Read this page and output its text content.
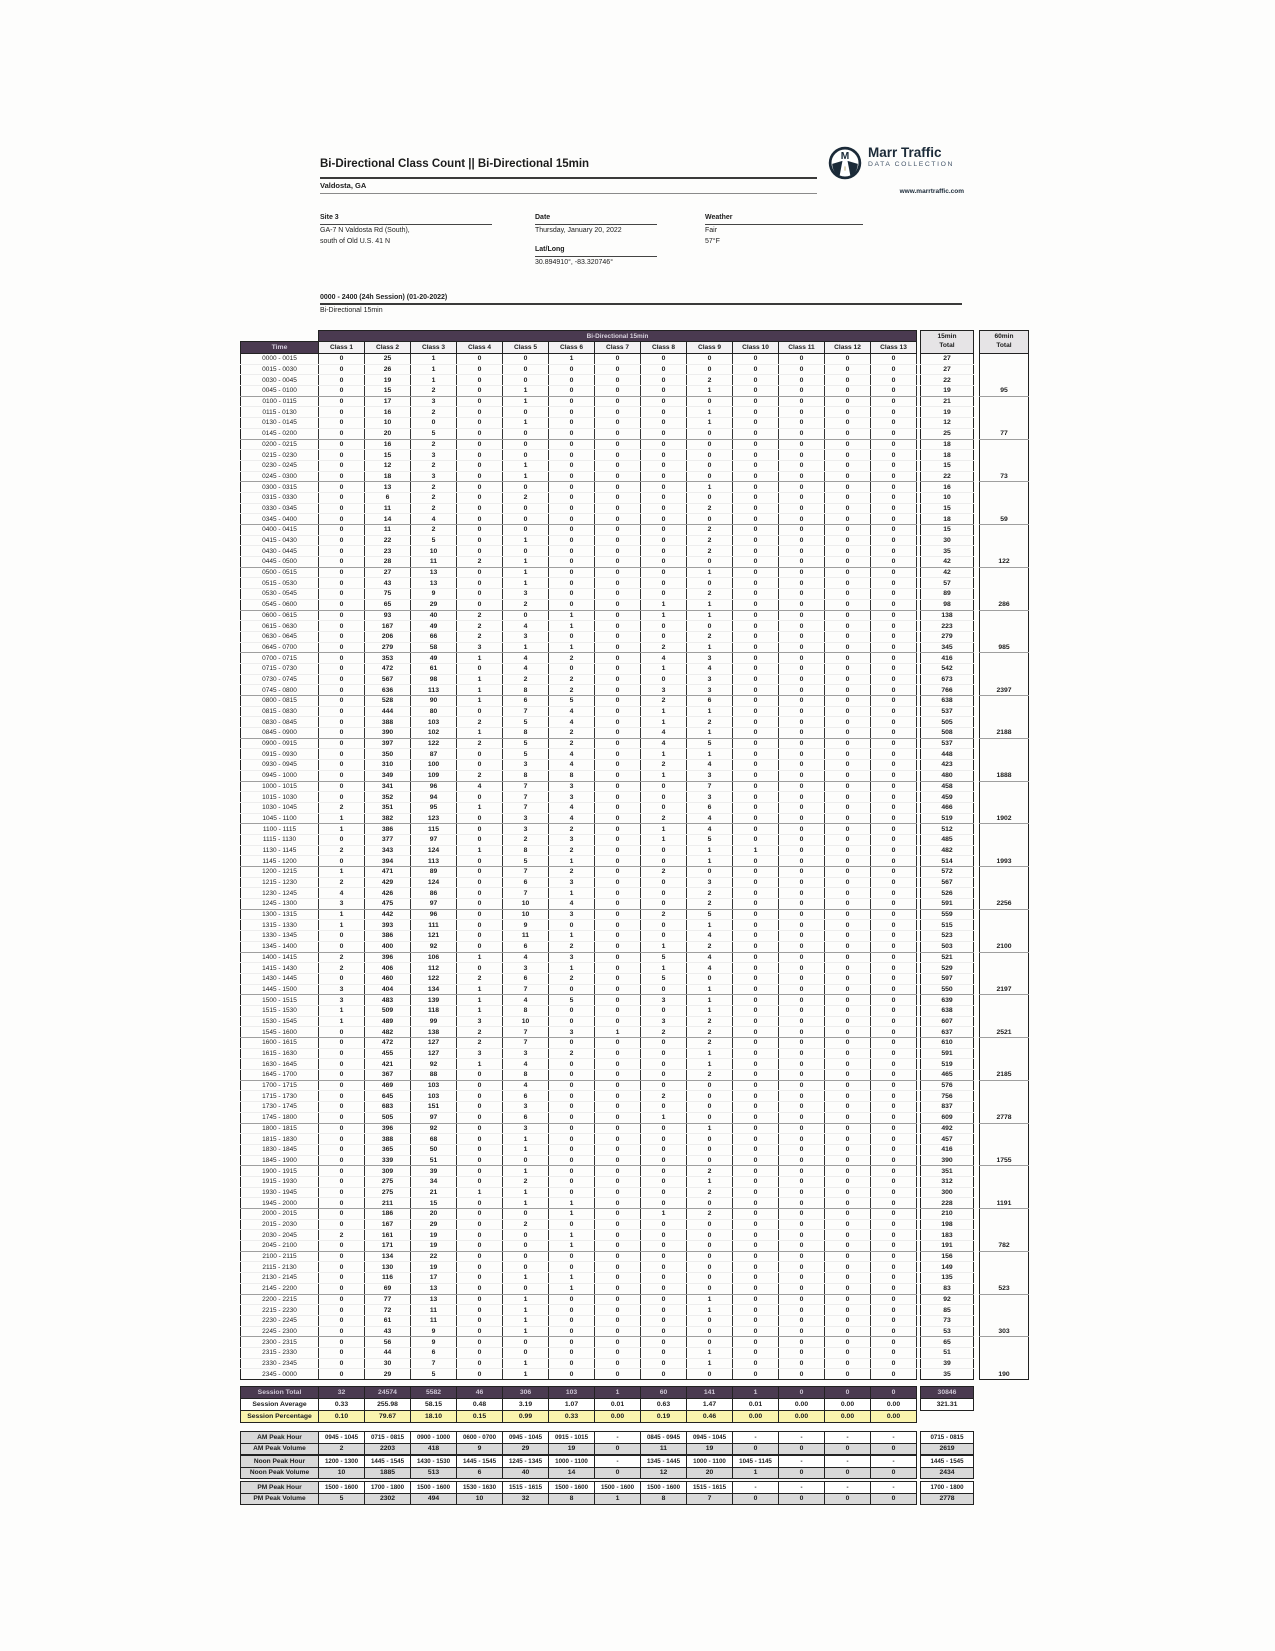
Bi-Directional Class Count || Bi-Directional 15min
Valdosta, GA
M Marr Traffic
DATA COLLECTION
www.marrtraffic.com
Site 3
GA-7 N Valdosta Rd (South),
south of Old U.S. 41 N
Date
Thursday, January 20, 2022
Lat/Long
30.894910°, -83.320746°
Weather
Fair
57°F
0000 - 2400 (24h Session) (01-20-2022)
Bi-Directional 15min
	Bi-Directional 15min														15min
Total		60min
Total
Time	Class 1	Class 2	Class 3	Class 4	Class 5	Class 6	Class 7	Class 8	Class 9	Class 10	Class 11	Class 12	Class 13				
0000 - 0015	0	25	1	0	0	1	0	0	0	0	0	0	0		27		
0015 - 0030	0	26	1	0	0	0	0	0	0	0	0	0	0		27		
0030 - 0045	0	19	1	0	0	0	0	0	2	0	0	0	0		22		
0045 - 0100	0	15	2	0	1	0	0	0	1	0	0	0	0		19		95
0100 - 0115	0	17	3	0	1	0	0	0	0	0	0	0	0		21		
0115 - 0130	0	16	2	0	0	0	0	0	1	0	0	0	0		19		
0130 - 0145	0	10	0	0	1	0	0	0	1	0	0	0	0		12		
0145 - 0200	0	20	5	0	0	0	0	0	0	0	0	0	0		25		77
0200 - 0215	0	16	2	0	0	0	0	0	0	0	0	0	0		18		
0215 - 0230	0	15	3	0	0	0	0	0	0	0	0	0	0		18		
0230 - 0245	0	12	2	0	1	0	0	0	0	0	0	0	0		15		
0245 - 0300	0	18	3	0	1	0	0	0	0	0	0	0	0		22		73
0300 - 0315	0	13	2	0	0	0	0	0	1	0	0	0	0		16		
0315 - 0330	0	6	2	0	2	0	0	0	0	0	0	0	0		10		
0330 - 0345	0	11	2	0	0	0	0	0	2	0	0	0	0		15		
0345 - 0400	0	14	4	0	0	0	0	0	0	0	0	0	0		18		59
0400 - 0415	0	11	2	0	0	0	0	0	2	0	0	0	0		15		
0415 - 0430	0	22	5	0	1	0	0	0	2	0	0	0	0		30		
0430 - 0445	0	23	10	0	0	0	0	0	2	0	0	0	0		35		
0445 - 0500	0	28	11	2	1	0	0	0	0	0	0	0	0		42		122
0500 - 0515	0	27	13	0	1	0	0	0	1	0	0	0	0		42		
0515 - 0530	0	43	13	0	1	0	0	0	0	0	0	0	0		57		
0530 - 0545	0	75	9	0	3	0	0	0	2	0	0	0	0		89		
0545 - 0600	0	65	29	0	2	0	0	1	1	0	0	0	0		98		286
0600 - 0615	0	93	40	2	0	1	0	1	1	0	0	0	0		138		
0615 - 0630	0	167	49	2	4	1	0	0	0	0	0	0	0		223		
0630 - 0645	0	206	66	2	3	0	0	0	2	0	0	0	0		279		
0645 - 0700	0	279	58	3	1	1	0	2	1	0	0	0	0		345		985
0700 - 0715	0	353	49	1	4	2	0	4	3	0	0	0	0		416		
0715 - 0730	0	472	61	0	4	0	0	1	4	0	0	0	0		542		
0730 - 0745	0	567	98	1	2	2	0	0	3	0	0	0	0		673		
0745 - 0800	0	636	113	1	8	2	0	3	3	0	0	0	0		766		2397
0800 - 0815	0	528	90	1	6	5	0	2	6	0	0	0	0		638		
0815 - 0830	0	444	80	0	7	4	0	1	1	0	0	0	0		537		
0830 - 0845	0	388	103	2	5	4	0	1	2	0	0	0	0		505		
0845 - 0900	0	390	102	1	8	2	0	4	1	0	0	0	0		508		2188
0900 - 0915	0	397	122	2	5	2	0	4	5	0	0	0	0		537		
0915 - 0930	0	350	87	0	5	4	0	1	1	0	0	0	0		448		
0930 - 0945	0	310	100	0	3	4	0	2	4	0	0	0	0		423		
0945 - 1000	0	349	109	2	8	8	0	1	3	0	0	0	0		480		1888
1000 - 1015	0	341	96	4	7	3	0	0	7	0	0	0	0		458		
1015 - 1030	0	352	94	0	7	3	0	0	3	0	0	0	0		459		
1030 - 1045	2	351	95	1	7	4	0	0	6	0	0	0	0		466		
1045 - 1100	1	382	123	0	3	4	0	2	4	0	0	0	0		519		1902
1100 - 1115	1	386	115	0	3	2	0	1	4	0	0	0	0		512		
1115 - 1130	0	377	97	0	2	3	0	1	5	0	0	0	0		485		
1130 - 1145	2	343	124	1	8	2	0	0	1	1	0	0	0		482		
1145 - 1200	0	394	113	0	5	1	0	0	1	0	0	0	0		514		1993
1200 - 1215	1	471	89	0	7	2	0	2	0	0	0	0	0		572		
1215 - 1230	2	429	124	0	6	3	0	0	3	0	0	0	0		567		
1230 - 1245	4	426	86	0	7	1	0	0	2	0	0	0	0		526		
1245 - 1300	3	475	97	0	10	4	0	0	2	0	0	0	0		591		2256
1300 - 1315	1	442	96	0	10	3	0	2	5	0	0	0	0		559		
1315 - 1330	1	393	111	0	9	0	0	0	1	0	0	0	0		515		
1330 - 1345	0	386	121	0	11	1	0	0	4	0	0	0	0		523		
1345 - 1400	0	400	92	0	6	2	0	1	2	0	0	0	0		503		2100
1400 - 1415	2	396	106	1	4	3	0	5	4	0	0	0	0		521		
1415 - 1430	2	406	112	0	3	1	0	1	4	0	0	0	0		529		
1430 - 1445	0	460	122	2	6	2	0	5	0	0	0	0	0		597		
1445 - 1500	3	404	134	1	7	0	0	0	1	0	0	0	0		550		2197
1500 - 1515	3	483	139	1	4	5	0	3	1	0	0	0	0		639		
1515 - 1530	1	509	118	1	8	0	0	0	1	0	0	0	0		638		
1530 - 1545	1	489	99	3	10	0	0	3	2	0	0	0	0		607		
1545 - 1600	0	482	138	2	7	3	1	2	2	0	0	0	0		637		2521
1600 - 1615	0	472	127	2	7	0	0	0	2	0	0	0	0		610		
1615 - 1630	0	455	127	3	3	2	0	0	1	0	0	0	0		591		
1630 - 1645	0	421	92	1	4	0	0	0	1	0	0	0	0		519		
1645 - 1700	0	367	88	0	8	0	0	0	2	0	0	0	0		465		2185
1700 - 1715	0	469	103	0	4	0	0	0	0	0	0	0	0		576		
1715 - 1730	0	645	103	0	6	0	0	2	0	0	0	0	0		756		
1730 - 1745	0	683	151	0	3	0	0	0	0	0	0	0	0		837		
1745 - 1800	0	505	97	0	6	0	0	1	0	0	0	0	0		609		2778
1800 - 1815	0	396	92	0	3	0	0	0	1	0	0	0	0		492		
1815 - 1830	0	388	68	0	1	0	0	0	0	0	0	0	0		457		
1830 - 1845	0	365	50	0	1	0	0	0	0	0	0	0	0		416		
1845 - 1900	0	339	51	0	0	0	0	0	0	0	0	0	0		390		1755
1900 - 1915	0	309	39	0	1	0	0	0	2	0	0	0	0		351		
1915 - 1930	0	275	34	0	2	0	0	0	1	0	0	0	0		312		
1930 - 1945	0	275	21	1	1	0	0	0	2	0	0	0	0		300		
1945 - 2000	0	211	15	0	1	1	0	0	0	0	0	0	0		228		1191
2000 - 2015	0	186	20	0	0	1	0	1	2	0	0	0	0		210		
2015 - 2030	0	167	29	0	2	0	0	0	0	0	0	0	0		198		
2030 - 2045	2	161	19	0	0	1	0	0	0	0	0	0	0		183		
2045 - 2100	0	171	19	0	0	1	0	0	0	0	0	0	0		191		782
2100 - 2115	0	134	22	0	0	0	0	0	0	0	0	0	0		156		
2115 - 2130	0	130	19	0	0	0	0	0	0	0	0	0	0		149		
2130 - 2145	0	116	17	0	1	1	0	0	0	0	0	0	0		135		
2145 - 2200	0	69	13	0	0	1	0	0	0	0	0	0	0		83		523
2200 - 2215	0	77	13	0	1	0	0	0	1	0	0	0	0		92		
2215 - 2230	0	72	11	0	1	0	0	0	1	0	0	0	0		85		
2230 - 2245	0	61	11	0	1	0	0	0	0	0	0	0	0		73		
2245 - 2300	0	43	9	0	1	0	0	0	0	0	0	0	0		53		303
2300 - 2315	0	56	9	0	0	0	0	0	0	0	0	0	0		65		
2315 - 2330	0	44	6	0	0	0	0	0	1	0	0	0	0		51		
2330 - 2345	0	30	7	0	1	0	0	0	1	0	0	0	0		39		
2345 - 0000	0	29	5	0	1	0	0	0	0	0	0	0	0		35		190
Session Total	32	24574	5582	46	306	103	1	60	141	1	0	0	0		30846
Session Average	0.33	255.98	58.15	0.48	3.19	1.07	0.01	0.63	1.47	0.01	0.00	0.00	0.00		321.31
Session Percentage	0.10	79.67	18.10	0.15	0.99	0.33	0.00	0.19	0.46	0.00	0.00	0.00	0.00		
AM Peak Hour	0945 - 1045	0715 - 0815	0900 - 1000	0600 - 0700	0945 - 1045	0915 - 1015	-	0845 - 0945	0945 - 1045	-	-	-	-		0715 - 0815
AM Peak Volume	2	2203	418	9	29	19	0	11	19	0	0	0	0		2619
Noon Peak Hour	1200 - 1300	1445 - 1545	1430 - 1530	1445 - 1545	1245 - 1345	1000 - 1100	-	1345 - 1445	1000 - 1100	1045 - 1145	-	-	-		1445 - 1545
Noon Peak Volume	10	1885	513	6	40	14	0	12	20	1	0	0	0		2434
PM Peak Hour	1500 - 1600	1700 - 1800	1500 - 1600	1530 - 1630	1515 - 1615	1500 - 1600	1500 - 1600	1500 - 1600	1515 - 1615	-	-	-	-		1700 - 1800
PM Peak Volume	5	2302	494	10	32	8	1	8	7	0	0	0	0		2778
